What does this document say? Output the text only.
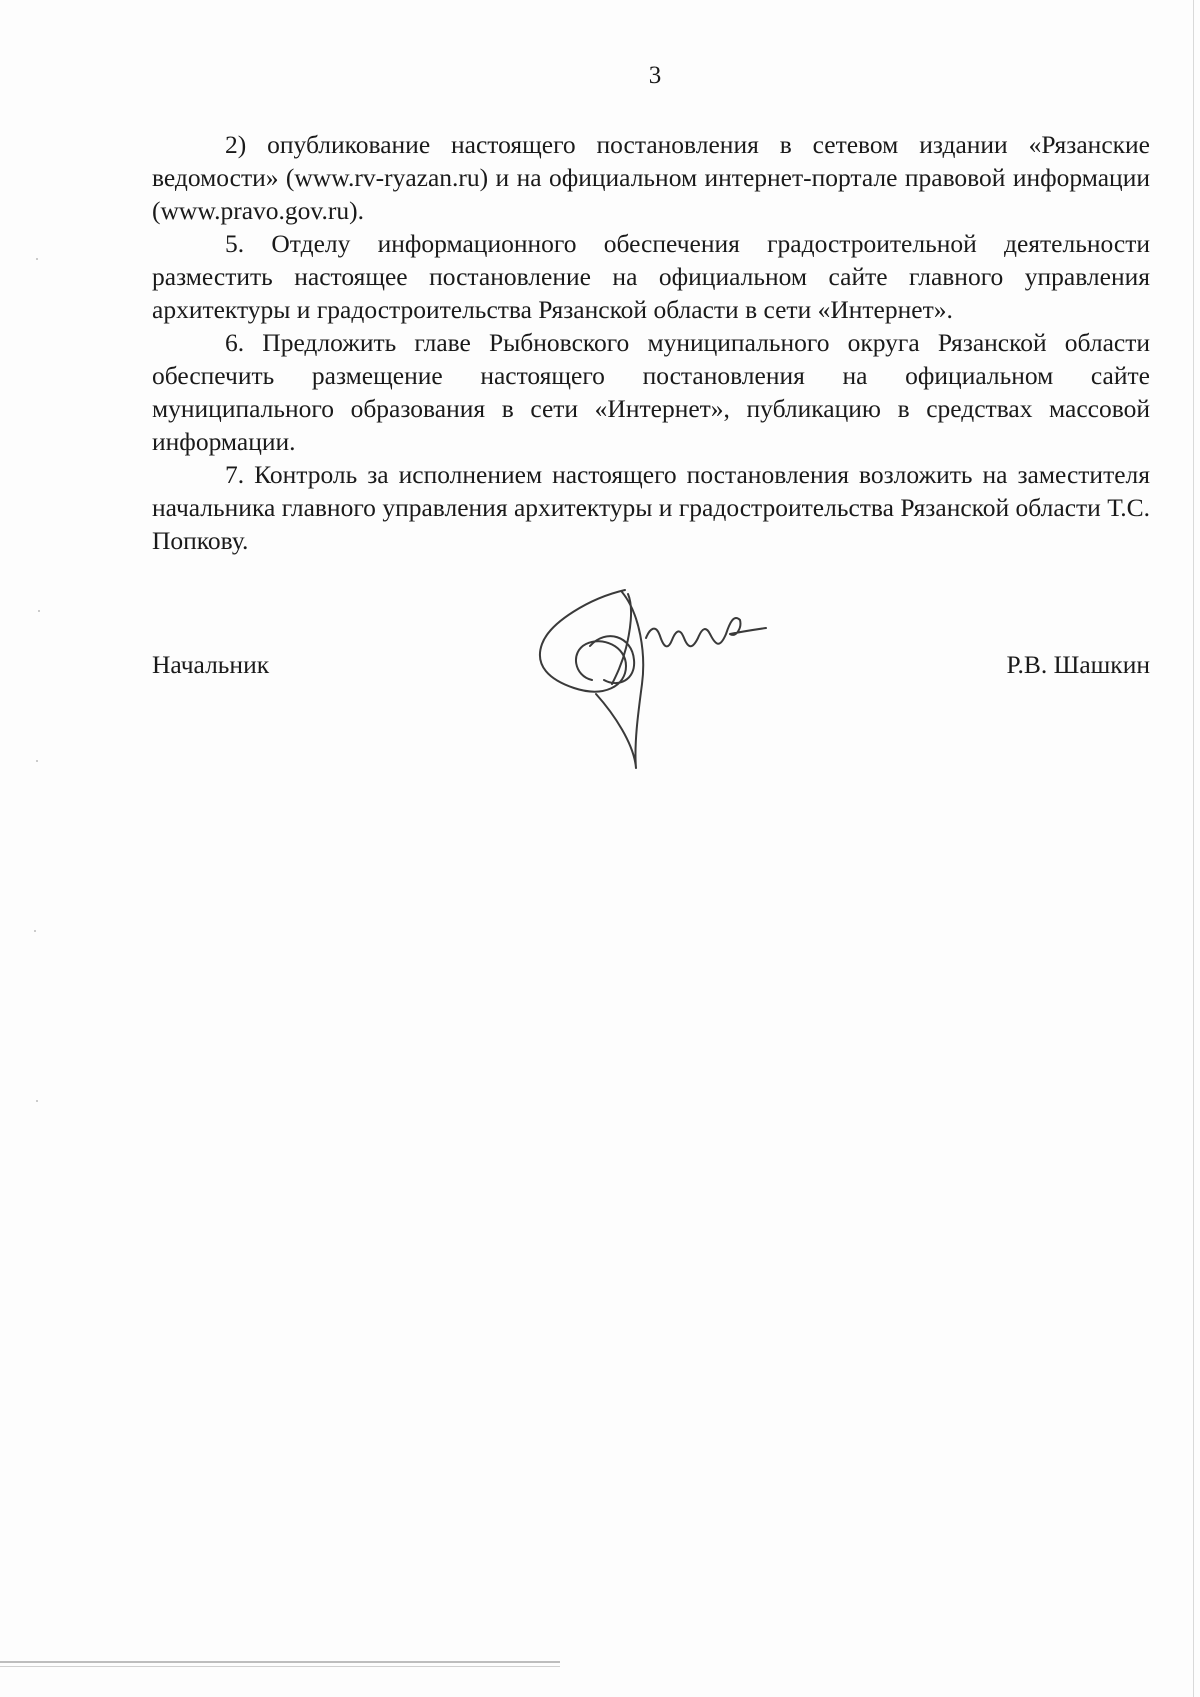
3

2) опубликование настоящего постановления в сетевом издании «Рязанские ведомости» (www.rv-ryazan.ru) и на официальном интернет-портале правовой информации (www.pravo.gov.ru).

5. Отделу информационного обеспечения градостроительной деятельности разместить настоящее постановление на официальном сайте главного управления архитектуры и градостроительства Рязанской области в сети «Интернет».

6. Предложить главе Рыбновского муниципального округа Рязанской области обеспечить размещение настоящего постановления на официальном сайте муниципального образования в сети «Интернет», публикацию в средствах массовой информации.

7. Контроль за исполнением настоящего постановления возложить на заместителя начальника главного управления архитектуры и градостроительства Рязанской области Т.С. Попкову.

Начальник	Р.В. Шашкин
